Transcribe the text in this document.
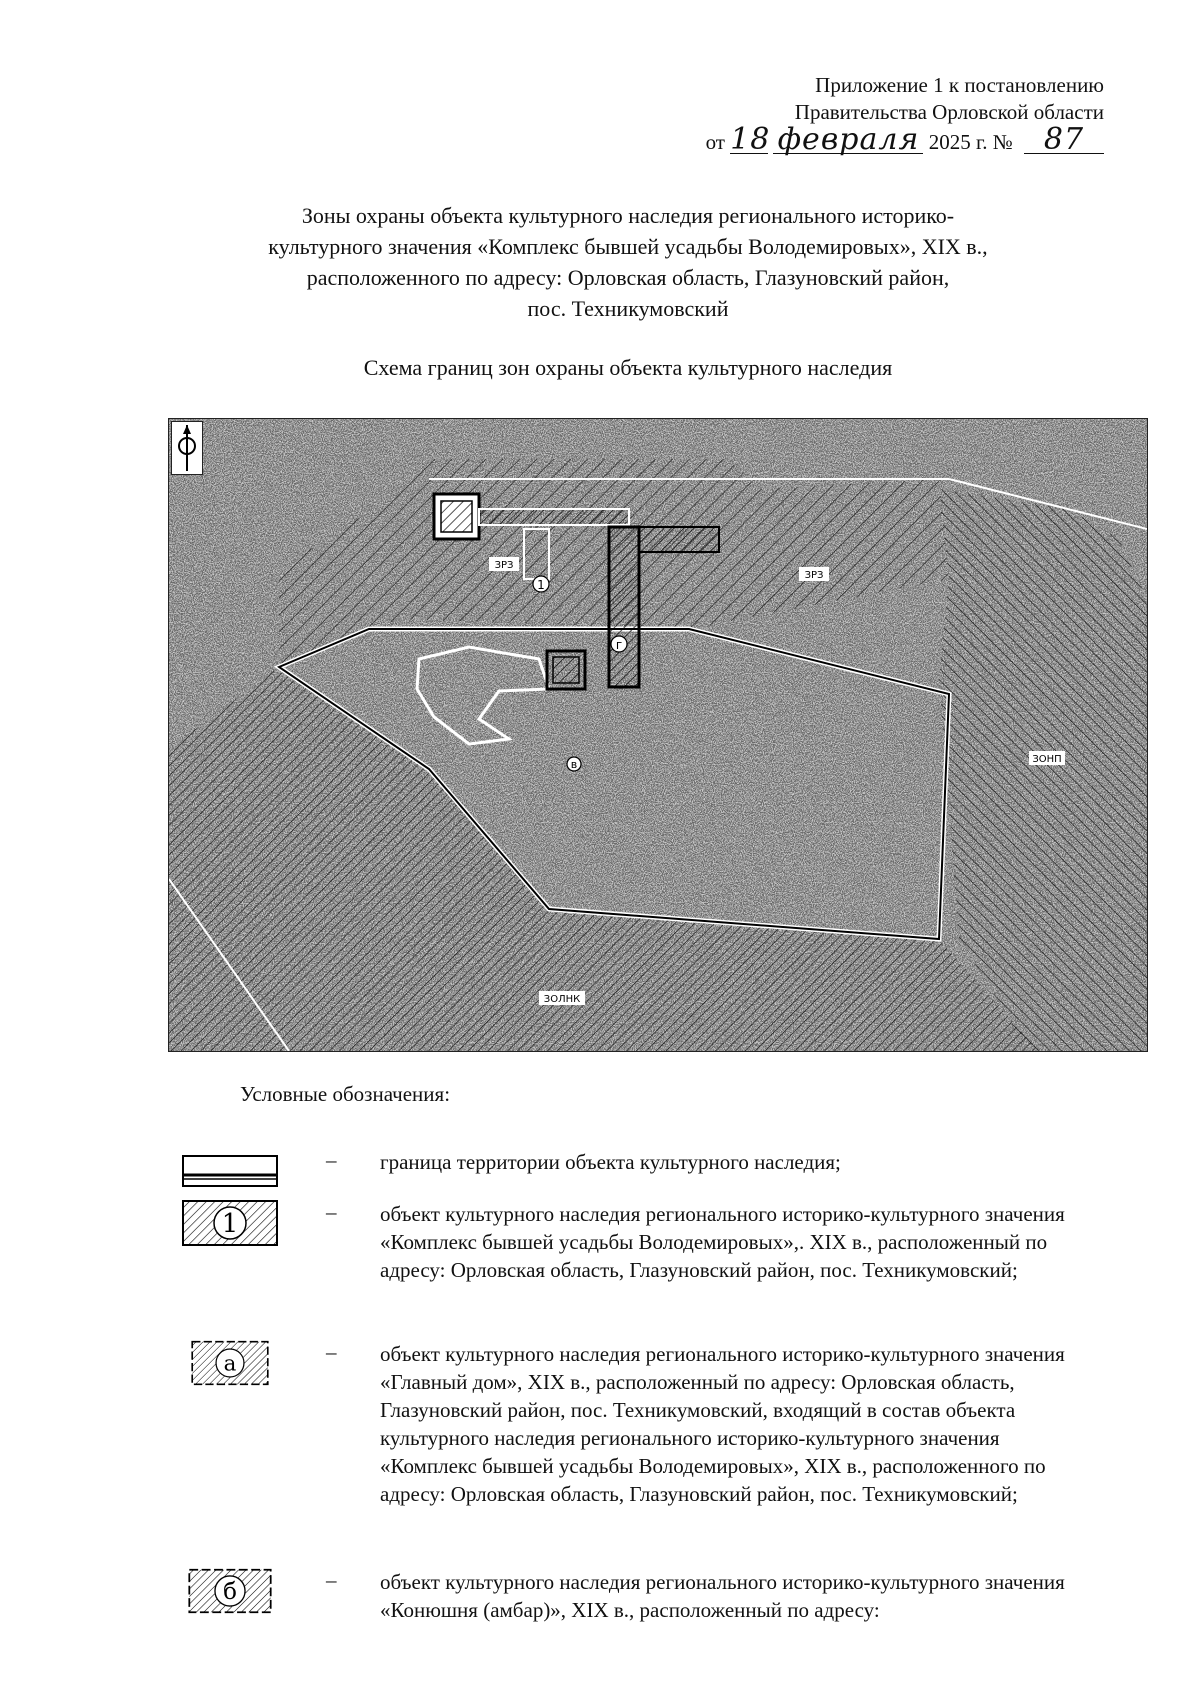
Приложение 1 к постановлению
Правительства Орловской области
от 18 февраля 2025 г. № 87
Зоны охраны объекта культурного наследия регионального историко-
культурного значения «Комплекс бывшей усадьбы Володемировых», XIX в.,
расположенного по адресу: Орловская область, Глазуновский район,
пос. Техникумовский
Схема границ зон охраны объекта культурного наследия
1
г
в
ЗРЗ
ЗРЗ
ЗОНП
ЗОЛНК
Условные обозначения:
– граница территории объекта культурного наследия;
1	– объект культурного наследия регионального историко-культурного значения «Комплекс бывшей усадьбы Володемировых»,. XIX в., расположенный по адресу: Орловская область, Глазуновский район, пос. Техникумовский;
а	– объект культурного наследия регионального историко-культурного значения «Главный дом», XIX в., расположенный по адресу: Орловская область, Глазуновский район, пос. Техникумовский, входящий в состав объекта культурного наследия регионального историко-культурного значения «Комплекс бывшей усадьбы Володемировых», XIX в., расположенного по адресу: Орловская область, Глазуновский район, пос. Техникумовский;
б	– объект культурного наследия регионального историко-культурного значения «Конюшня (амбар)», XIX в., расположенный по адресу:
